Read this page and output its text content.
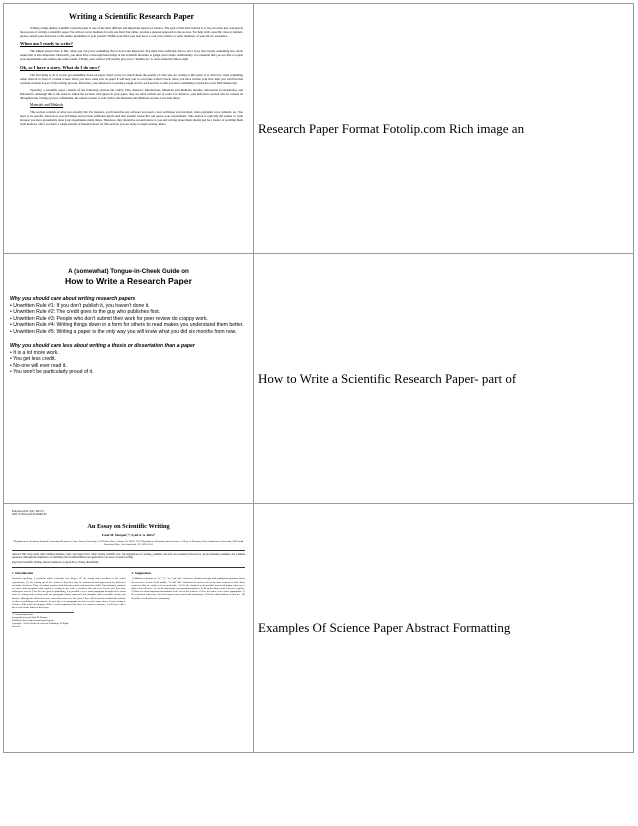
Writing a Scientific Research Paper

Writing a high-quality scientific research paper is one of the most difficult and important aspects of science. The goal of this brief tutorial is to lay out some key concepts in the process of writing a scientific paper. We will not cover methods for any one field; but rather, provide a general approach to the process. For help with a specific class or formats, please consult your instructor or the author guidelines of your journal. Within your field your best bet is to ask your advisor or other members of your lab for assistance.

When am I ready to write?

The simple answer here is this: when you can prove something that is novel and important. You must have sufficient data to tell a story that reveals something new about nature that is also important. Obviously, you must have a thorough knowledge of the available literature to gauge your results. Additionally, it is essential that you are able to repeat your experiments and achieve the same results. Finally, your advisor will usually give you a "thumbs up" to write when the time is right.

Ok, so I have a story. What do I do now?

The first thing to do is to just get something down on paper. Don't worry too much about the quality of what you are writing at this point. It is critical to write something rather than sit in front of a blank screen. Once you have some text on paper it will help you to overcome writer's block. Once you have written your first draft you will find that constant revision is part of the writing process. Therefore, your mission is to produce rough text for each section so that you have something to mold into your final manuscript.

Typically, a scientific paper consists of the following sections (in order): Title, Abstract, Introduction, Materials and Methods, Results, Discussion (Conclusions), and References. Although this is the order in which the sections will appear in your paper, they are often written out of order. For instance, your Reference section will be worked on throughout the writing process. Oftentimes, the easiest section to start with is the Materials and Methods section. Let's start there.

Materials and Methods

This section consists of what you actually did. For instance, you'll describe any software you used, a new technique you invented, what organisms were cultured, etc. You need to be specific about how you did things and provide sufficient detail such that another researcher can repeat your experiments. This section is typically the easiest to write because you have presumably done your experiments many times. Therefore, they should be second nature to you and writing about them should just be a matter of recalling them from memory. Once you have a rough amount of material down for this section, you are ready to begin writing others.	Research Paper Format Fotolip.com Rich image an
A (somewhat) Tongue-in-Cheek Guide on
How to Write a Research Paper
Why you should care about writing research papers

• Unwritten Rule #1: If you don't publish it, you haven't done it.

• Unwritten Rule #2: The credit goes to the guy who publishes first.

• Unwritten Rule #3: People who don't submit their work for peer review do crappy work.

• Unwritten Rule #4: Writing things down in a form for others to read makes you understand them better.

• Unwritten Rule #5: Writing a paper is the only way you will know what you did six months from now.

Why you should care less about writing a thesis or dissertation than a paper

• It is a lot more work.

• You get less credit.

• No-one will ever read it.

• You won't be particularly proud of it.	How to Write a Scientific Research Paper- part of
Education 2014, 4(2): 109-115
DOI: 10.5923/j.edu.20140402.06
An Essay on Scientific Writing
Fatal M. Morgan¹,*, Syed A. A. Rizvi²
¹Department of Chemistry, Stanford's Associated Resources Center, Emory University, 1515 Dickey Drive, Atlanta, GA 30322, USA ²Department of Pharmaceutical Sciences, College of Pharmacy, Nova Southeastern University, 3200 South University Drive, Fort Lauderdale, FL 33328, USA

Abstract This essay deals with common mistakes, style, and logical flow when writing scientific text. Ten suggestions for writing, grammar and style are presented followed by ten proofreading examples and common questions. Although the emphasis is on chemistry, the recommendations are applicable to all areas of science writing.

Keywords Scientific Writing, Shorter Sentences, Logical Flow, Variety, Readability
1. Introduction

Scientific speaking, a scientific article embodies two stages: (1) the design and execution of the actual experiments; (2) the writing up of the results so that they may be understood and appreciated by interested scientists elsewhere. Thus, chemistry requires both laboratory and communication skills. Unfortunately, students are often under-prepared with regard to writing in the sense a problem that can reveal itself well into their subsequent careers. Like the lone goal of publishing, it is possible even a small paragraph brought out to stand most of writing and revising until the paragraph finally expressed our thoughts with reasonable clarity and brevity. Although the task has become somewhat easier over the years, I have still devoted a considerable amount of time to polishing each sentence. In fact this very paragraph has been revised many times. Good writing is clearly a skill worth developing. While I would emphasize that there is a sentence structure, I will close with a brief word on the limits of this essay.

* Corresponding author:
fmorgan@emory.edu (Fatal M. Morgan)
Published online at http://journal.sapub.org/edu
Copyright © 2014 Scientific & Academic Publishing. All Rights Reserved
2. Suggestions

1) Maintain a balance of "is", "it", "we" and "the": Sentences should not begin with ambiguous pronouns unless the reference is clear. In the middle, "it" and "this" should not be used to refer to an entire sentence or idea. Short sentences that are easily read are preferable. 2) Use the simplest word possible and avoid jargon whenever a plain word will serve. 3) Avoid long strings of prepositional phrases. 4) Keep the subject and verb close together. 5) Place the most important information at the end of the sentence. 6) Use the active voice where appropriate. 7) Be consistent with tense. 8) Avoid unnecessary words and redundancy. 9) Define abbreviations at first use. 10) Read the text aloud before submitting.

Examples Of Science Paper Abstract Formatting
